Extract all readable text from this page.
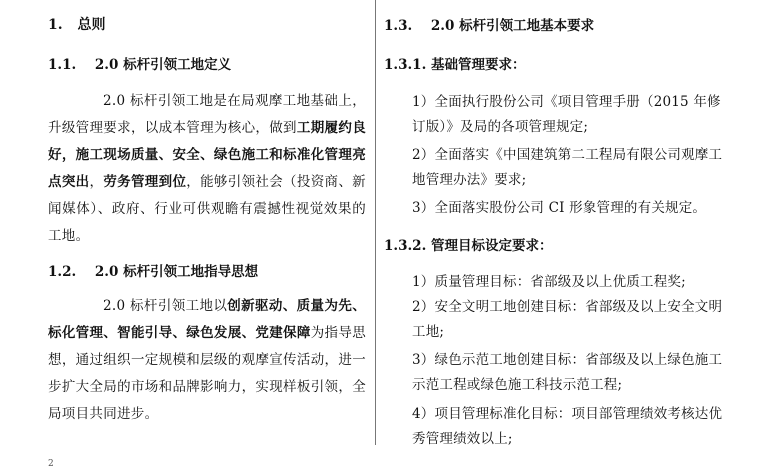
1. 总则
1.1. 2.0 标杆引领工地定义

2.0 标杆引领工地是在局观摩工地基础上，升级管理要求，以成本管理为核心，做到工期履约良好，施工现场质量、安全、绿色施工和标准化管理亮点突出，劳务管理到位，能够引领社会（投资商、新闻媒体）、政府、行业可供观瞻有震撼性视觉效果的工地。

1.2. 2.0 标杆引领工地指导思想

2.0 标杆引领工地以创新驱动、质量为先、标化管理、智能引导、绿色发展、党建保障为指导思想，通过组织一定规模和层级的观摩宣传活动，进一步扩大全局的市场和品牌影响力，实现样板引领，全局项目共同进步。

2
1.3. 2.0 标杆引领工地基本要求
1.3.1. 基础管理要求：

1）全面执行股份公司《项目管理手册（2015 年修订版）》及局的各项管理规定;

2）全面落实《中国建筑第二工程局有限公司观摩工地管理办法》要求;

3）全面落实股份公司 CI 形象管理的有关规定。

1.3.2. 管理目标设定要求：

1）质量管理目标：省部级及以上优质工程奖;

2）安全文明工地创建目标：省部级及以上安全文明工地;

3）绿色示范工地创建目标：省部级及以上绿色施工示范工程或绿色施工科技示范工程;

4）项目管理标准化目标：项目部管理绩效考核达优秀管理绩效以上;
